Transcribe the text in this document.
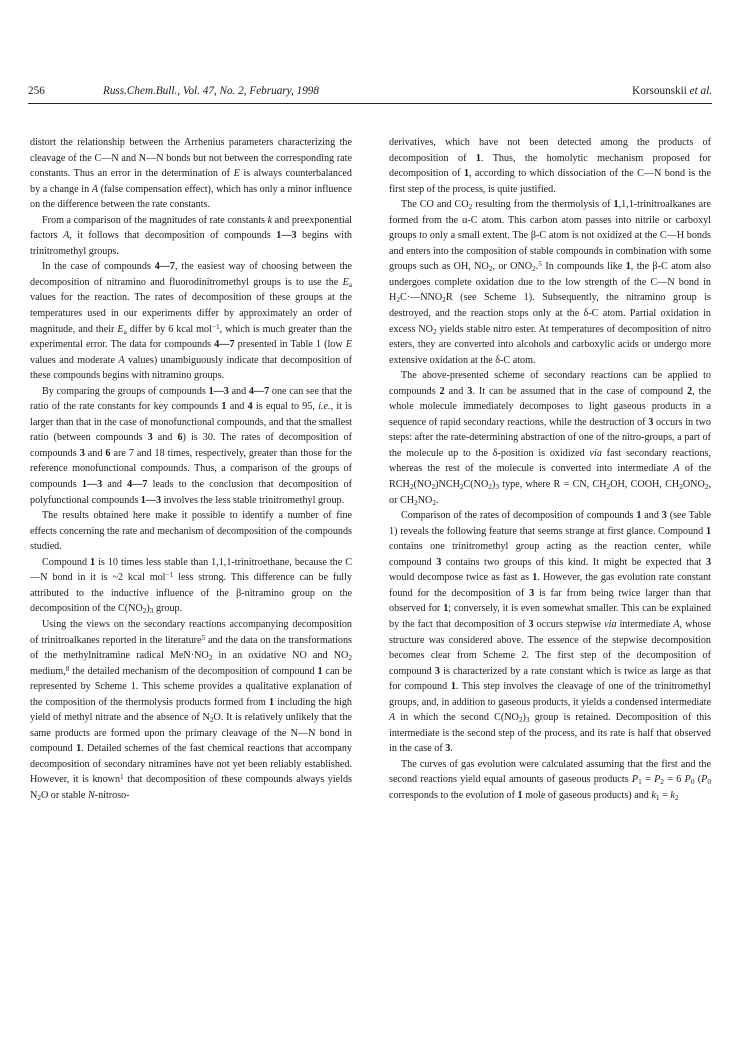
256	Russ.Chem.Bull., Vol. 47, No. 2, February, 1998	Korsounskii et al.

distort the relationship between the Arrhenius parameters characterizing the cleavage of the C—N and N—N bonds but not between the corresponding rate constants. Thus an error in the determination of E is always counterbalanced by a change in A (false compensation effect), which has only a minor influence on the difference between the rate constants.

From a comparison of the magnitudes of rate constants k and preexponential factors A, it follows that decomposition of compounds 1—3 begins with trinitromethyl groups.

In the case of compounds 4—7, the easiest way of choosing between the decomposition of nitramino and fluorodinitromethyl groups is to use the $E_a$ values for the reaction. The rates of decomposition of these groups at the temperatures used in our experiments differ by approximately an order of magnitude, and their $E_a$ differ by 6 kcal mol$^{-1}$, which is much greater than the experimental error. The data for compounds 4—7 presented in Table 1 (low E values and moderate A values) unambiguously indicate that decomposition of these compounds begins with nitramino groups.

By comparing the groups of compounds 1—3 and 4—7 one can see that the ratio of the rate constants for key compounds 1 and 4 is equal to 95, i.e., it is larger than that in the case of monofunctional compounds, and that the smallest ratio (between compounds 3 and 6) is 30. The rates of decomposition of compounds 3 and 6 are 7 and 18 times, respectively, greater than those for the reference monofunctional compounds. Thus, a comparison of the groups of compounds 1—3 and 4—7 leads to the conclusion that decomposition of polyfunctional compounds 1—3 involves the less stable trinitromethyl group.

The results obtained here make it possible to identify a number of fine effects concerning the rate and mechanism of decomposition of the compounds studied.

Compound 1 is 10 times less stable than 1,1,1-trinitroethane, because the C—N bond in it is ~2 kcal mol$^{-1}$ less strong. This difference can be fully attributed to the inductive influence of the β-nitramino group on the decomposition of the $C(NO_2)_3$ group.

Using the views on the secondary reactions accompanying decomposition of trinitroalkanes reported in the literature$^5$ and the data on the transformations of the methylnitramine radical $MeN\cdot NO_2$ in an oxidative NO and $NO_2$ medium,$^8$ the detailed mechanism of the decomposition of compound 1 can be represented by Scheme 1. This scheme provides a qualitative explanation of the composition of the thermolysis products formed from 1 including the high yield of methyl nitrate and the absence of $N_2O$. It is relatively unlikely that the same products are formed upon the primary cleavage of the N—N bond in compound 1. Detailed schemes of the fast chemical reactions that accompany decomposition of secondary nitramines have not yet been reliably established. However, it is known$^1$ that decomposition of these compounds always yields $N_2O$ or stable N-nitroso-

derivatives, which have not been detected among the products of decomposition of 1. Thus, the homolytic mechanism proposed for decomposition of 1, according to which dissociation of the C—N bond is the first step of the process, is quite justified.

The CO and $CO_2$ resulting from the thermolysis of 1,1,1-trinitroalkanes are formed from the α-C atom. This carbon atom passes into nitrile or carboxyl groups to only a small extent. The β-C atom is not oxidized at the C—H bonds and enters into the composition of stable compounds in combination with some groups such as OH, $NO_2$, or $ONO_2.^5$ In compounds like 1, the β-C atom also undergoes complete oxidation due to the low strength of the C—N bond in $H_2C\cdot—NNO_2R$ (see Scheme 1). Subsequently, the nitramino group is destroyed, and the reaction stops only at the δ-C atom. Partial oxidation in excess $NO_2$ yields stable nitro ester. At temperatures of decomposition of nitro esters, they are converted into alcohols and carboxylic acids or undergo more extensive oxidation at the δ-C atom.

The above-presented scheme of secondary reactions can be applied to compounds 2 and 3. It can be assumed that in the case of compound 2, the whole molecule immediately decomposes to light gaseous products in a sequence of rapid secondary reactions, while the destruction of 3 occurs in two steps: after the rate-determining abstraction of one of the nitro-groups, a part of the molecule up to the δ-position is oxidized via fast secondary reactions, whereas the rest of the molecule is converted into intermediate A of the $RCH_2(NO_2)NCH_2C(NO_2)_3$ type, where R = CN, $CH_2OH$, COOH, $CH_2ONO_2$, or $CH_2NO_2$.

Comparison of the rates of decomposition of compounds 1 and 3 (see Table 1) reveals the following feature that seems strange at first glance. Compound 1 contains one trinitromethyl group acting as the reaction center, while compound 3 contains two groups of this kind. It might be expected that 3 would decompose twice as fast as 1. However, the gas evolution rate constant found for the decomposition of 3 is far from being twice larger than that observed for 1; conversely, it is even somewhat smaller. This can be explained by the fact that decomposition of 3 occurs stepwise via intermediate A, whose structure was considered above. The essence of the stepwise decomposition becomes clear from Scheme 2. The first step of the decomposition of compound 3 is characterized by a rate constant which is twice as large as that for compound 1. This step involves the cleavage of one of the trinitromethyl groups, and, in addition to gaseous products, it yields a condensed intermediate A in which the second $C(NO_2)_3$ group is retained. Decomposition of this intermediate is the second step of the process, and its rate is half that observed in the case of 3.

The curves of gas evolution were calculated assuming that the first and the second reactions yield equal amounts of gaseous products $P_1 = P_2 = 6$ $P_0$ ($P_0$ corresponds to the evolution of 1 mole of gaseous products) and $k_1 = k_2$
